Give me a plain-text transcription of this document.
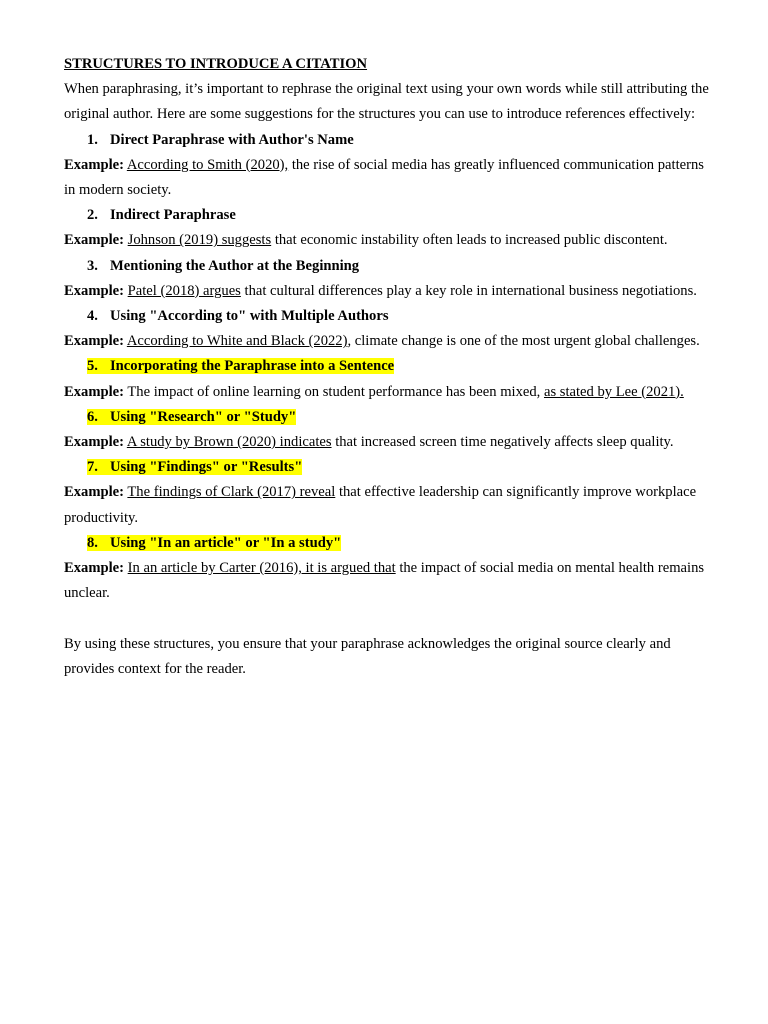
STRUCTURES TO INTRODUCE A CITATION

When paraphrasing, it’s important to rephrase the original text using your own words while still attributing the original author. Here are some suggestions for the structures you can use to introduce references effectively:

1. Direct Paraphrase with Author's Name

Example: According to Smith (2020), the rise of social media has greatly influenced communication patterns in modern society.

2. Indirect Paraphrase

Example: Johnson (2019) suggests that economic instability often leads to increased public discontent.

3. Mentioning the Author at the Beginning

Example: Patel (2018) argues that cultural differences play a key role in international business negotiations.

4. Using "According to" with Multiple Authors

Example: According to White and Black (2022), climate change is one of the most urgent global challenges.

5. Incorporating the Paraphrase into a Sentence

Example: The impact of online learning on student performance has been mixed, as stated by Lee (2021).

6. Using "Research" or "Study"

Example: A study by Brown (2020) indicates that increased screen time negatively affects sleep quality.

7. Using "Findings" or "Results"

Example: The findings of Clark (2017) reveal that effective leadership can significantly improve workplace productivity.

8. Using "In an article" or "In a study"

Example: In an article by Carter (2016), it is argued that the impact of social media on mental health remains unclear.

By using these structures, you ensure that your paraphrase acknowledges the original source clearly and provides context for the reader.
